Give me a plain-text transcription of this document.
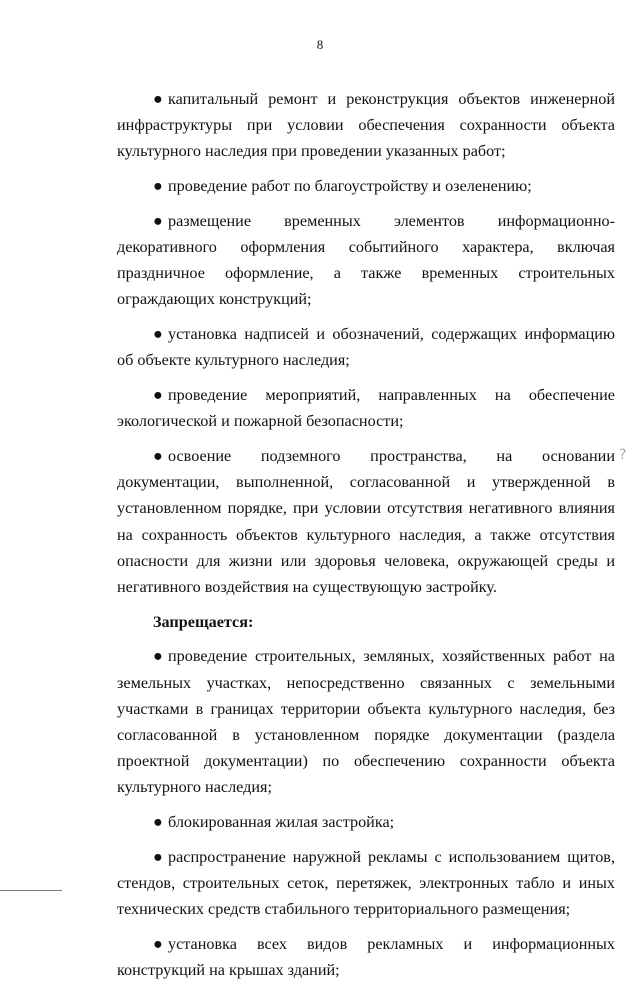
8

● капитальный ремонт и реконструкция объектов инженерной инфраструктуры при условии обеспечения сохранности объекта культурного наследия при проведении указанных работ;

● проведение работ по благоустройству и озеленению;

● размещение временных элементов информационно-декоративного оформления событийного характера, включая праздничное оформление, а также временных строительных ограждающих конструкций;

● установка надписей и обозначений, содержащих информацию об объекте культурного наследия;

● проведение мероприятий, направленных на обеспечение экологической и пожарной безопасности;

● освоение подземного пространства, на основании документации, выполненной, согласованной и утвержденной в установленном порядке, при условии отсутствия негативного влияния на сохранность объектов культурного наследия, а также отсутствия опасности для жизни или здоровья человека, окружающей среды и негативного воздействия на существующую застройку.

Запрещается:

● проведение строительных, земляных, хозяйственных работ на земельных участках, непосредственно связанных с земельными участками в границах территории объекта культурного наследия, без согласованной в установленном порядке документации (раздела проектной документации) по обеспечению сохранности объекта культурного наследия;

● блокированная жилая застройка;

● распространение наружной рекламы с использованием щитов, стендов, строительных сеток, перетяжек, электронных табло и иных технических средств стабильного территориального размещения;

● установка всех видов рекламных и информационных конструкций на крышах зданий;

?
